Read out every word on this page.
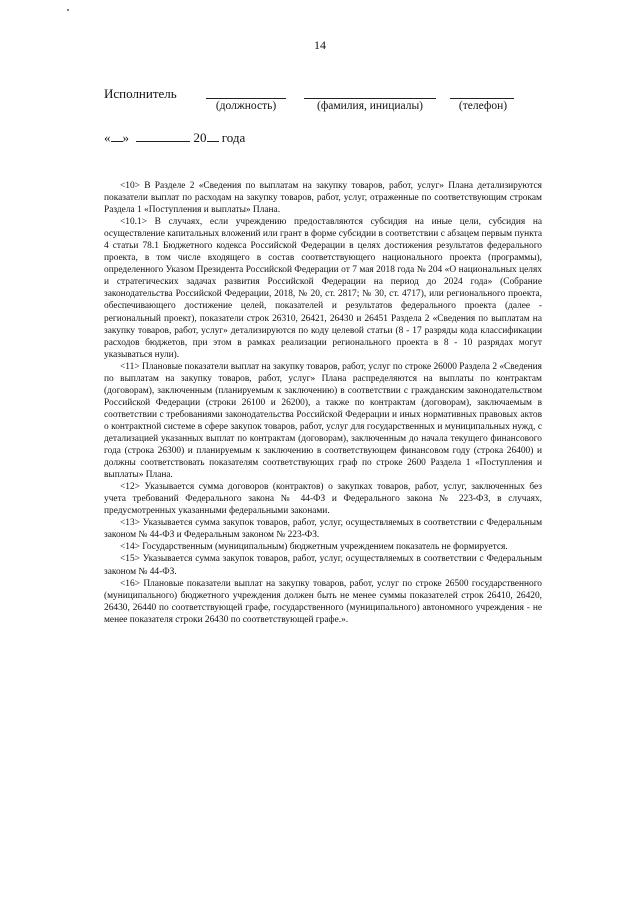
14
Исполнитель
(должность)	(фамилия, инициалы)	(телефон)
« »	20 года

<10> В Разделе 2 «Сведения по выплатам на закупку товаров, работ, услуг» Плана детализируются показатели выплат по расходам на закупку товаров, работ, услуг, отраженные по соответствующим строкам Раздела 1 «Поступления и выплаты» Плана.

<10.1> В случаях, если учреждению предоставляются субсидия на иные цели, субсидия на осуществление капитальных вложений или грант в форме субсидии в соответствии с абзацем первым пункта 4 статьи 78.1 Бюджетного кодекса Российской Федерации в целях достижения результатов федерального проекта, в том числе входящего в состав соответствующего национального проекта (программы), определенного Указом Президента Российской Федерации от 7 мая 2018 года № 204 «О национальных целях и стратегических задачах развития Российской Федерации на период до 2024 года» (Собрание законодательства Российской Федерации, 2018, № 20, ст. 2817; № 30, ст. 4717), или регионального проекта, обеспечивающего достижение целей, показателей и результатов федерального проекта (далее - региональный проект), показатели строк 26310, 26421, 26430 и 26451 Раздела 2 «Сведения по выплатам на закупку товаров, работ, услуг» детализируются по коду целевой статьи (8 - 17 разряды кода классификации расходов бюджетов, при этом в рамках реализации регионального проекта в 8 - 10 разрядах могут указываться нули).

<11> Плановые показатели выплат на закупку товаров, работ, услуг по строке 26000 Раздела 2 «Сведения по выплатам на закупку товаров, работ, услуг» Плана распределяются на выплаты по контрактам (договорам), заключенным (планируемым к заключению) в соответствии с гражданским законодательством Российской Федерации (строки 26100 и 26200), а также по контрактам (договорам), заключаемым в соответствии с требованиями законодательства Российской Федерации и иных нормативных правовых актов о контрактной системе в сфере закупок товаров, работ, услуг для государственных и муниципальных нужд, с детализацией указанных выплат по контрактам (договорам), заключенным до начала текущего финансового года (строка 26300) и планируемым к заключению в соответствующем финансовом году (строка 26400) и должны соответствовать показателям соответствующих граф по строке 2600 Раздела 1 «Поступления и выплаты» Плана.

<12> Указывается сумма договоров (контрактов) о закупках товаров, работ, услуг, заключенных без учета требований Федерального закона № 44-ФЗ и Федерального закона № 223-ФЗ, в случаях, предусмотренных указанными федеральными законами.

<13> Указывается сумма закупок товаров, работ, услуг, осуществляемых в соответствии с Федеральным законом № 44-ФЗ и Федеральным законом № 223-ФЗ.

<14> Государственным (муниципальным) бюджетным учреждением показатель не формируется.

<15> Указывается сумма закупок товаров, работ, услуг, осуществляемых в соответствии с Федеральным законом № 44-ФЗ.

<16> Плановые показатели выплат на закупку товаров, работ, услуг по строке 26500 государственного (муниципального) бюджетного учреждения должен быть не менее суммы показателей строк 26410, 26420, 26430, 26440 по соответствующей графе, государственного (муниципального) автономного учреждения - не менее показателя строки 26430 по соответствующей графе.».
